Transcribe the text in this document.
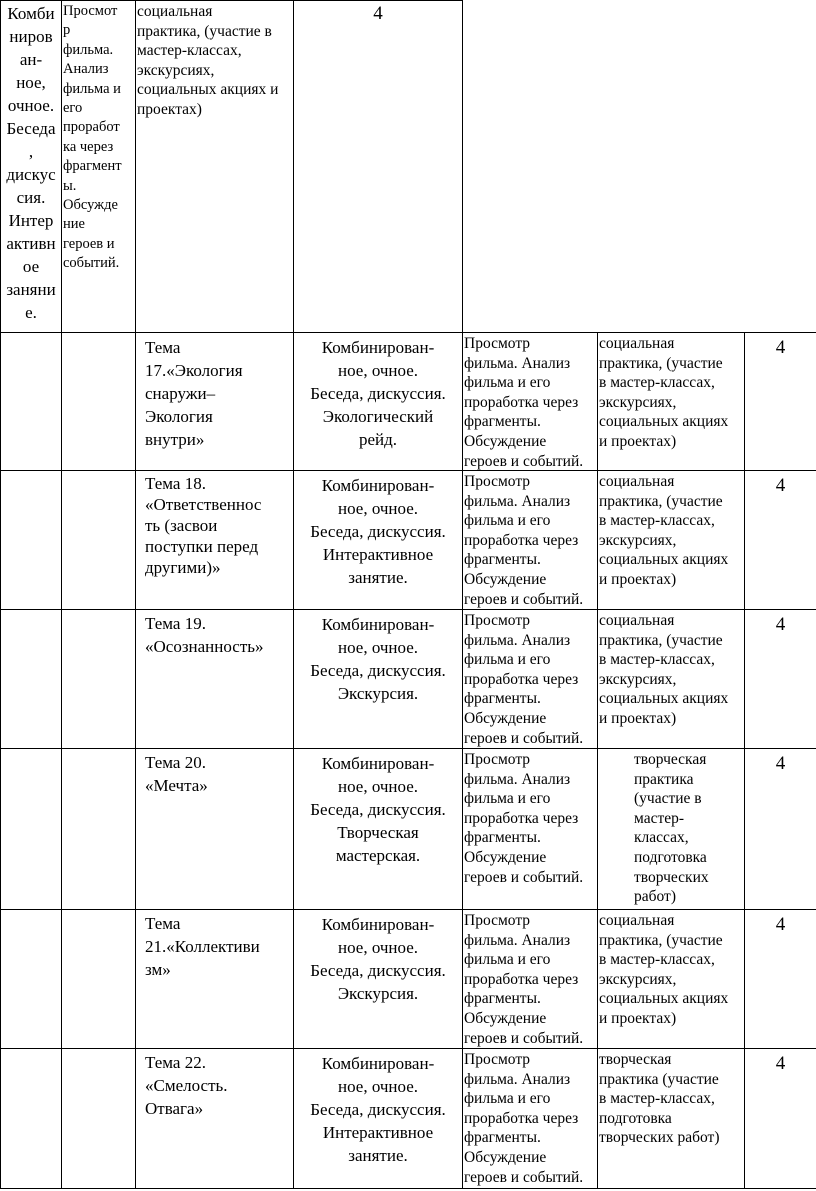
Комби
ниров
ан-
ное,
очное.
Беседа
,
дискус
сия.
Интер
активн
ое
заняни
е.
Просмот
р
фильма.
Анализ
фильма и
его
проработ
ка через
фрагмент
ы.
Обсужде
ние
героев и
событий.
социальная
практика, (участие в
мастер-классах,
экскурсиях,
социальных акциях и
проектах)
4
Тема
17.«Экология
снаружи–
Экология
внутри»
Комбинирован-
ное, очное.
Беседа, дискуссия.
Экологический
рейд.
Просмотр
фильма. Анализ
фильма и его
проработка через
фрагменты.
Обсуждение
героев и событий.
социальная
практика, (участие
в мастер-классах,
экскурсиях,
социальных акциях
и проектах)
4
Тема 18.
«Ответственнос
ть (засвои
поступки перед
другими)»
Комбинирован-
ное, очное.
Беседа, дискуссия.
Интерактивное
занятие.
Просмотр
фильма. Анализ
фильма и его
проработка через
фрагменты.
Обсуждение
героев и событий.
социальная
практика, (участие
в мастер-классах,
экскурсиях,
социальных акциях
и проектах)
4
Тема 19.
«Осознанность»
Комбинирован-
ное, очное.
Беседа, дискуссия.
Экскурсия.
Просмотр
фильма. Анализ
фильма и его
проработка через
фрагменты.
Обсуждение
героев и событий.
социальная
практика, (участие
в мастер-классах,
экскурсиях,
социальных акциях
и проектах)
4
Тема 20.
«Мечта»
Комбинирован-
ное, очное.
Беседа, дискуссия.
Творческая
мастерская.
Просмотр
фильма. Анализ
фильма и его
проработка через
фрагменты.
Обсуждение
героев и событий.
творческая
практика
(участие в
мастер-
классах,
подготовка
творческих
работ)
4
Тема
21.«Коллективи
зм»
Комбинирован-
ное, очное.
Беседа, дискуссия.
Экскурсия.
Просмотр
фильма. Анализ
фильма и его
проработка через
фрагменты.
Обсуждение
героев и событий.
социальная
практика, (участие
в мастер-классах,
экскурсиях,
социальных акциях
и проектах)
4
Тема 22.
«Смелость.
Отвага»
Комбинирован-
ное, очное.
Беседа, дискуссия.
Интерактивное
занятие.
Просмотр
фильма. Анализ
фильма и его
проработка через
фрагменты.
Обсуждение
героев и событий.
творческая
практика (участие
в мастер-классах,
подготовка
творческих работ)
4
